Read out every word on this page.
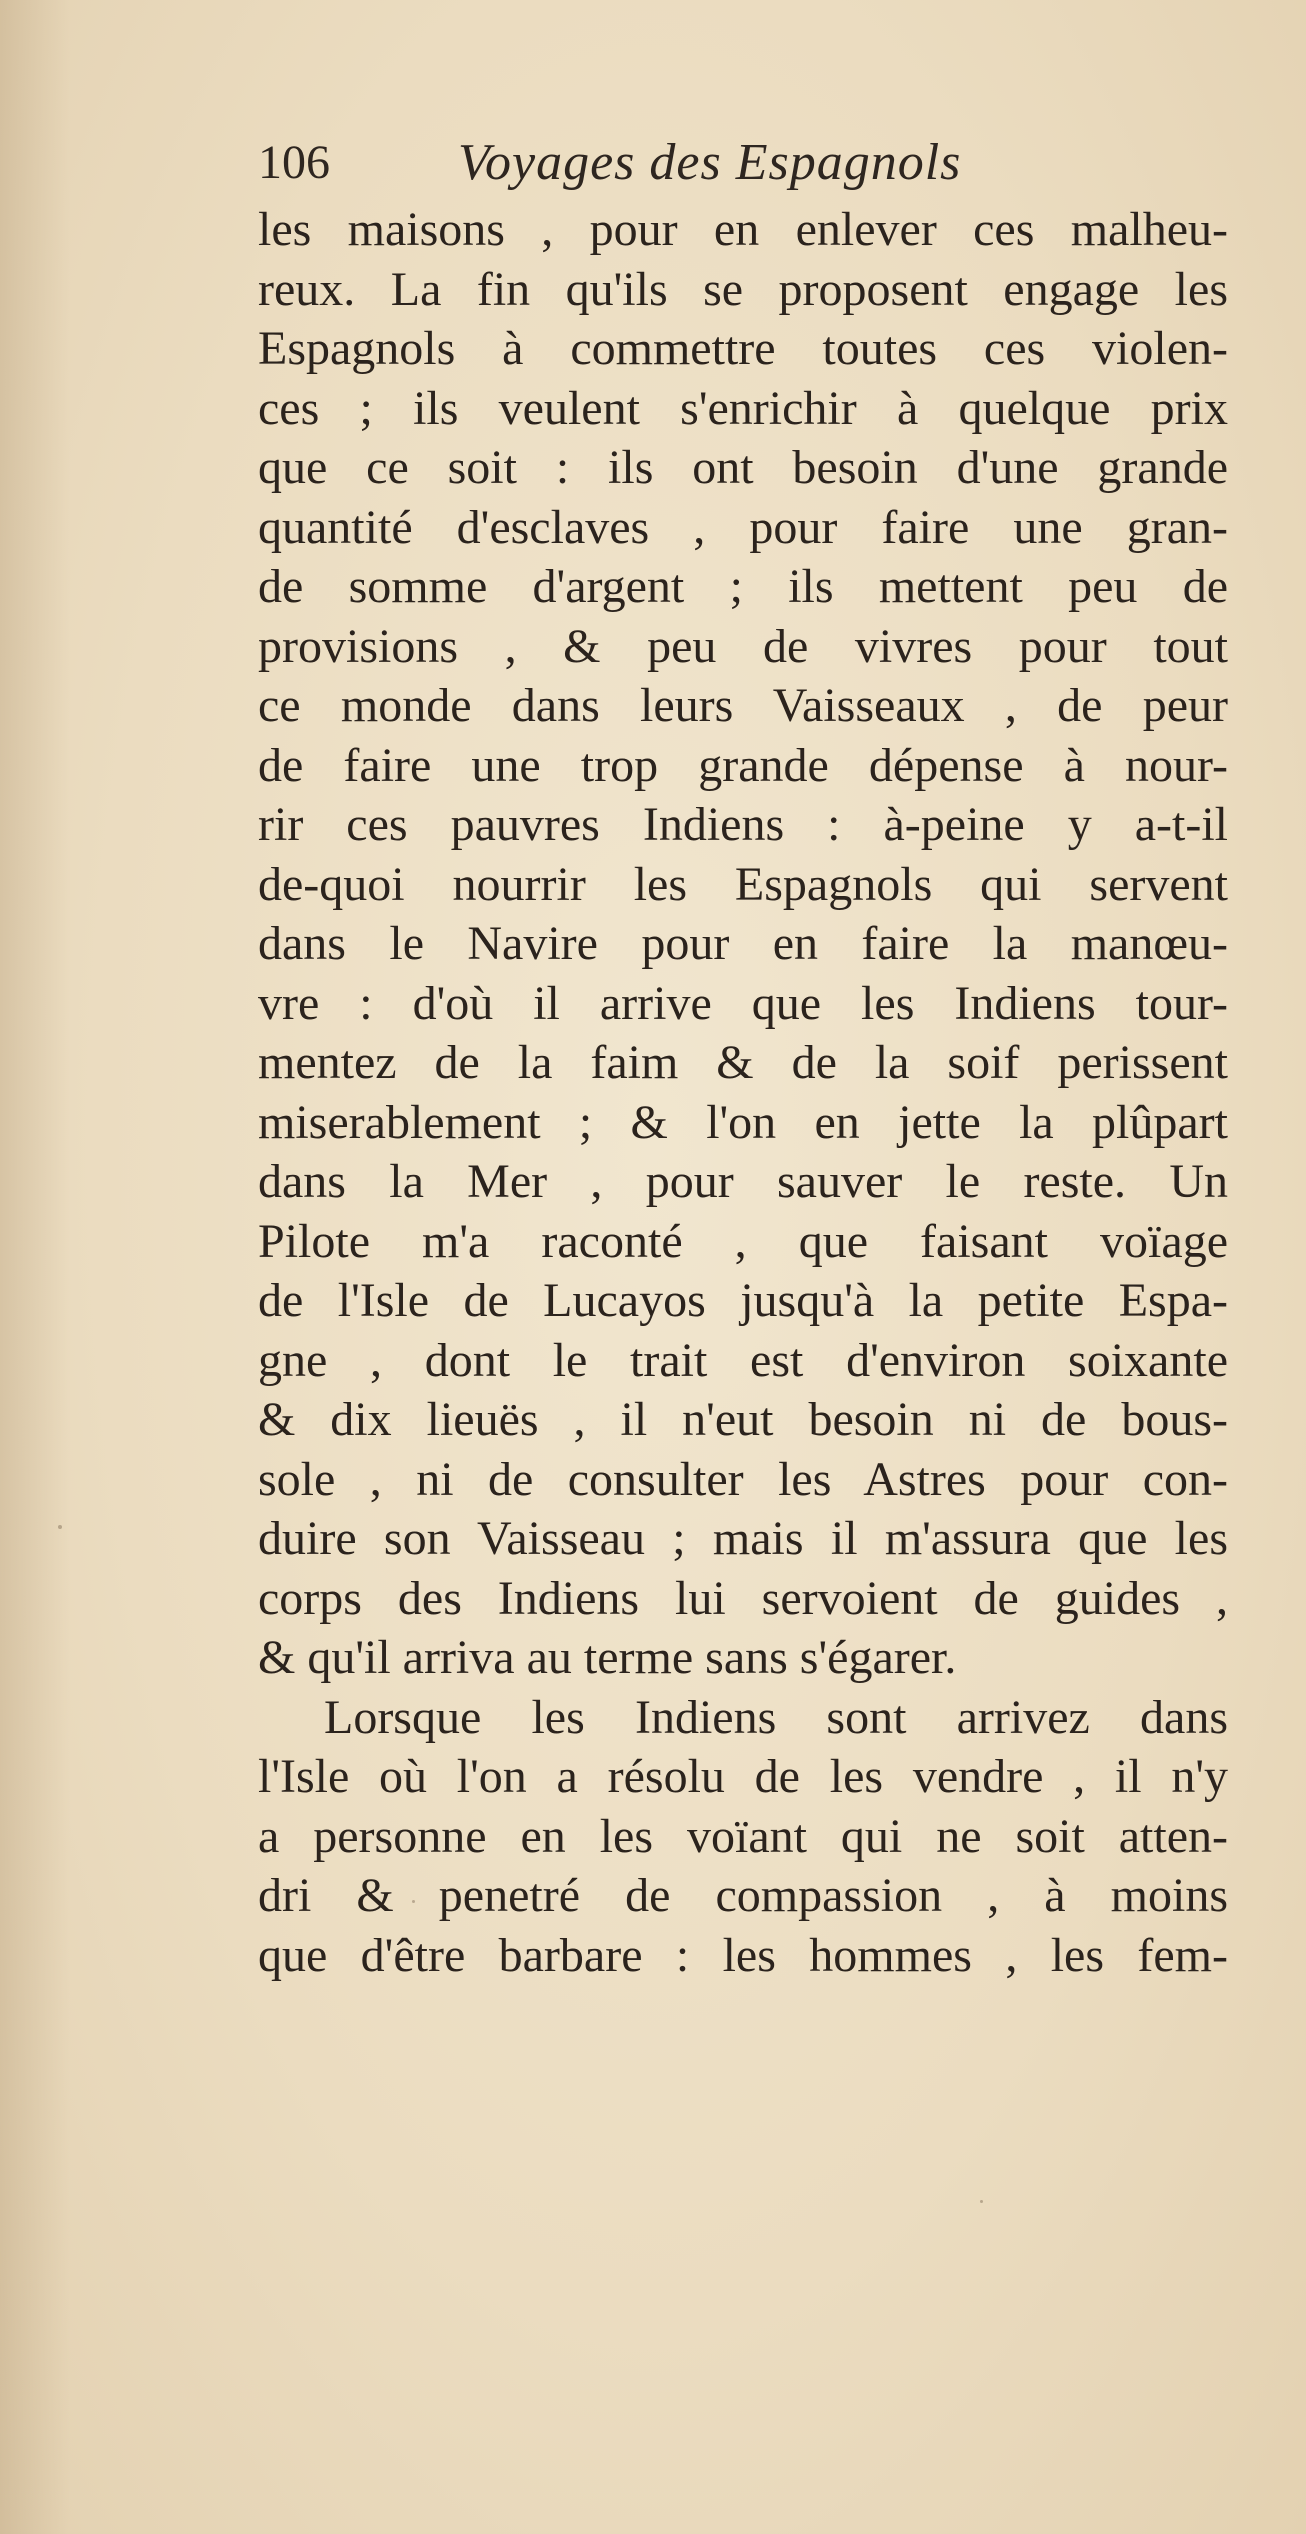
106 Voyages des Espagnols
les maisons , pour en enlever ces malheu-
reux. La fin qu'ils se proposent engage les
Espagnols à commettre toutes ces violen-
ces ; ils veulent s'enrichir à quelque prix
que ce soit : ils ont besoin d'une grande
quantité d'esclaves , pour faire une gran-
de somme d'argent ; ils mettent peu de
provisions , & peu de vivres pour tout
ce monde dans leurs Vaisseaux , de peur
de faire une trop grande dépense à nour-
rir ces pauvres Indiens : à-peine y a-t-il
de-quoi nourrir les Espagnols qui servent
dans le Navire pour en faire la manœu-
vre : d'où il arrive que les Indiens tour-
mentez de la faim & de la soif perissent
miserablement ; & l'on en jette la plûpart
dans la Mer , pour sauver le reste. Un
Pilote m'a raconté , que faisant voïage
de l'Isle de Lucayos jusqu'à la petite Espa-
gne , dont le trait est d'environ soixante
& dix lieuës , il n'eut besoin ni de bous-
sole , ni de consulter les Astres pour con-
duire son Vaisseau ; mais il m'assura que les
corps des Indiens lui servoient de guides ,
& qu'il arriva au terme sans s'égarer.
Lorsque les Indiens sont arrivez dans
l'Isle où l'on a résolu de les vendre , il n'y
a personne en les voïant qui ne soit atten-
dri & penetré de compassion , à moins
que d'être barbare : les hommes , les fem-
